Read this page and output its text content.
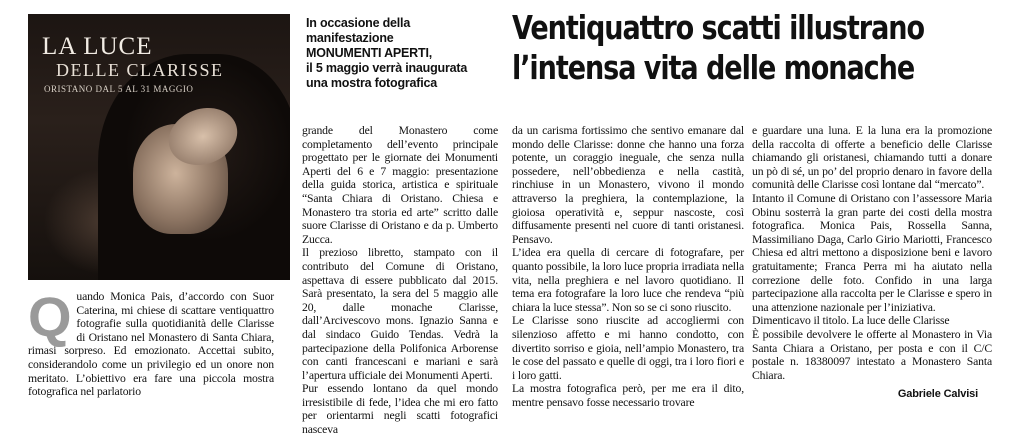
LA LUCE
DELLE CLARISSE
ORISTANO DAL 5 AL 31 MAGGIO
In occasione della
manifestazione
MONUMENTI APERTI,
il 5 maggio verrà inaugurata
una mostra fotografica
Ventiquattro scatti illustrano
l’intensa vita delle monache

Quando Monica Pais, d’accordo con Suor Caterina, mi chiese di scattare ventiquattro fotografie sulla quotidianità delle Clarisse di Oristano nel Monastero di Santa Chiara, rimasi sorpreso. Ed emozionato. Accettai subito, considerandolo come un privilegio ed un onore non meritato. L’obiettivo era fare una piccola mostra fotografica nel parlatorio

grande del Monastero come completamento dell’evento principale progettato per le giornate dei Monumenti Aperti del 6 e 7 maggio: presentazione della guida storica, artistica e spirituale “Santa Chiara di Oristano. Chiesa e Monastero tra storia ed arte” scritto dalle suore Clarisse di Oristano e da p. Umberto Zucca.

Il prezioso libretto, stampato con il contributo del Comune di Oristano, aspettava di essere pubblicato dal 2015. Sarà presentato, la sera del 5 maggio alle 20, dalle monache Clarisse, dall’Arcivescovo mons. Ignazio Sanna e dal sindaco Guido Tendas. Vedrà la partecipazione della Polifonica Arborense con canti francescani e mariani e sarà l’apertura ufficiale dei Monumenti Aperti.

Pur essendo lontano da quel mondo irresistibile di fede, l’idea che mi ero fatto per orientarmi negli scatti fotografici nasceva

da un carisma fortissimo che sentivo emanare dal mondo delle Clarisse: donne che hanno una forza potente, un coraggio ineguale, che senza nulla possedere, nell’obbedienza e nella castità, rinchiuse in un Monastero, vivono il mondo attraverso la preghiera, la contemplazione, la gioiosa operatività e, seppur nascoste, così diffusamente presenti nel cuore di tanti oristanesi. Pensavo.

L’idea era quella di cercare di fotografare, per quanto possibile, la loro luce propria irradiata nella vita, nella preghiera e nel lavoro quotidiano. Il tema era fotografare la loro luce che rendeva “più chiara la luce stessa”. Non so se ci sono riuscito.

Le Clarisse sono riuscite ad accogliermi con silenzioso affetto e mi hanno condotto, con divertito sorriso e gioia, nell’ampio Monastero, tra le cose del passato e quelle di oggi, tra i loro fiori e i loro gatti.

La mostra fotografica però, per me era il dito, mentre pensavo fosse necessario trovare

e guardare una luna. E la luna era la promozione della raccolta di offerte a beneficio delle Clarisse chiamando gli oristanesi, chiamando tutti a donare un pò di sé, un po’ del proprio denaro in favore della comunità delle Clarisse così lontane dal “mercato”.

Intanto il Comune di Oristano con l’assessore Maria Obinu sosterrà la gran parte dei costi della mostra fotografica. Monica Pais, Rossella Sanna, Massimiliano Daga, Carlo Girio Mariotti, Francesco Chiesa ed altri mettono a disposizione beni e lavoro gratuitamente; Franca Perra mi ha aiutato nella correzione delle foto. Confido in una larga partecipazione alla raccolta per le Clarisse e spero in una attenzione nazionale per l’iniziativa.

Dimenticavo il titolo. La luce delle Clarisse

È possibile devolvere le offerte al Monastero in Via Santa Chiara a Oristano, per posta e con il C/C postale n. 18380097 intestato a Monastero Santa Chiara.

Gabriele Calvisi
